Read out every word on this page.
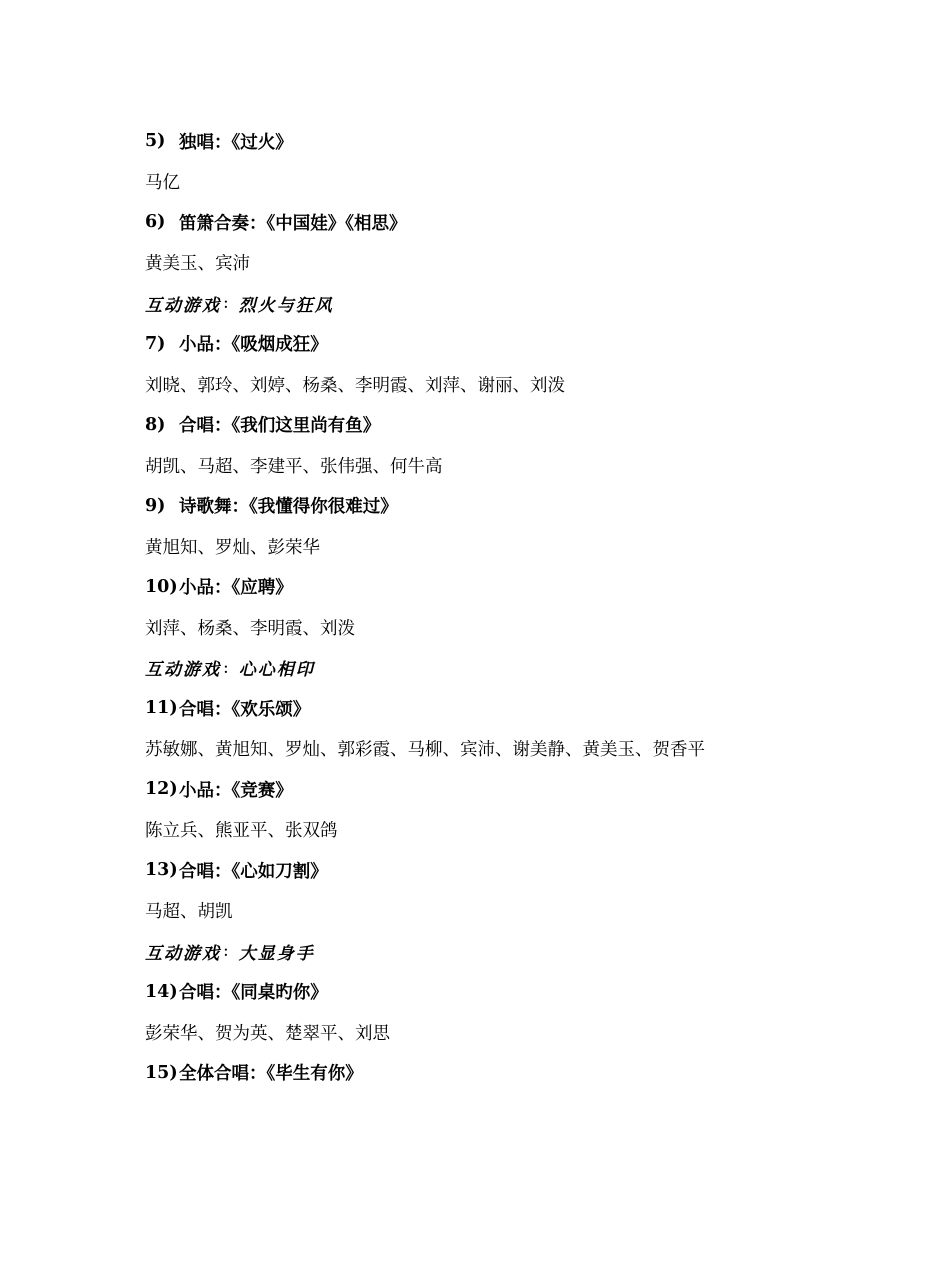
5) 独唱：《过火》
马亿
6) 笛箫合奏：《中国娃》《相思》
黄美玉、宾沛
互动游戏 : 烈火与狂风
7) 小品：《吸烟成狂》
刘晓、郭玲、刘婷、杨桑、李明霞、刘萍、谢丽、刘泼
8) 合唱：《我们这里尚有鱼》
胡凯、马超、李建平、张伟强、何牛高
9) 诗歌舞：《我懂得你很难过》
黄旭知、罗灿、彭荣华
10) 小品：《应聘》
刘萍、杨桑、李明霞、刘泼
互动游戏 : 心心相印
11) 合唱：《欢乐颂》
苏敏娜、黄旭知、罗灿、郭彩霞、马柳、宾沛、谢美静、黄美玉、贺香平
12) 小品：《竞赛》
陈立兵、熊亚平、张双鸽
13) 合唱：《心如刀割》
马超、胡凯
互动游戏 : 大显身手
14) 合唱：《同桌旳你》
彭荣华、贺为英、楚翠平、刘思
15) 全体合唱：《毕生有你》
